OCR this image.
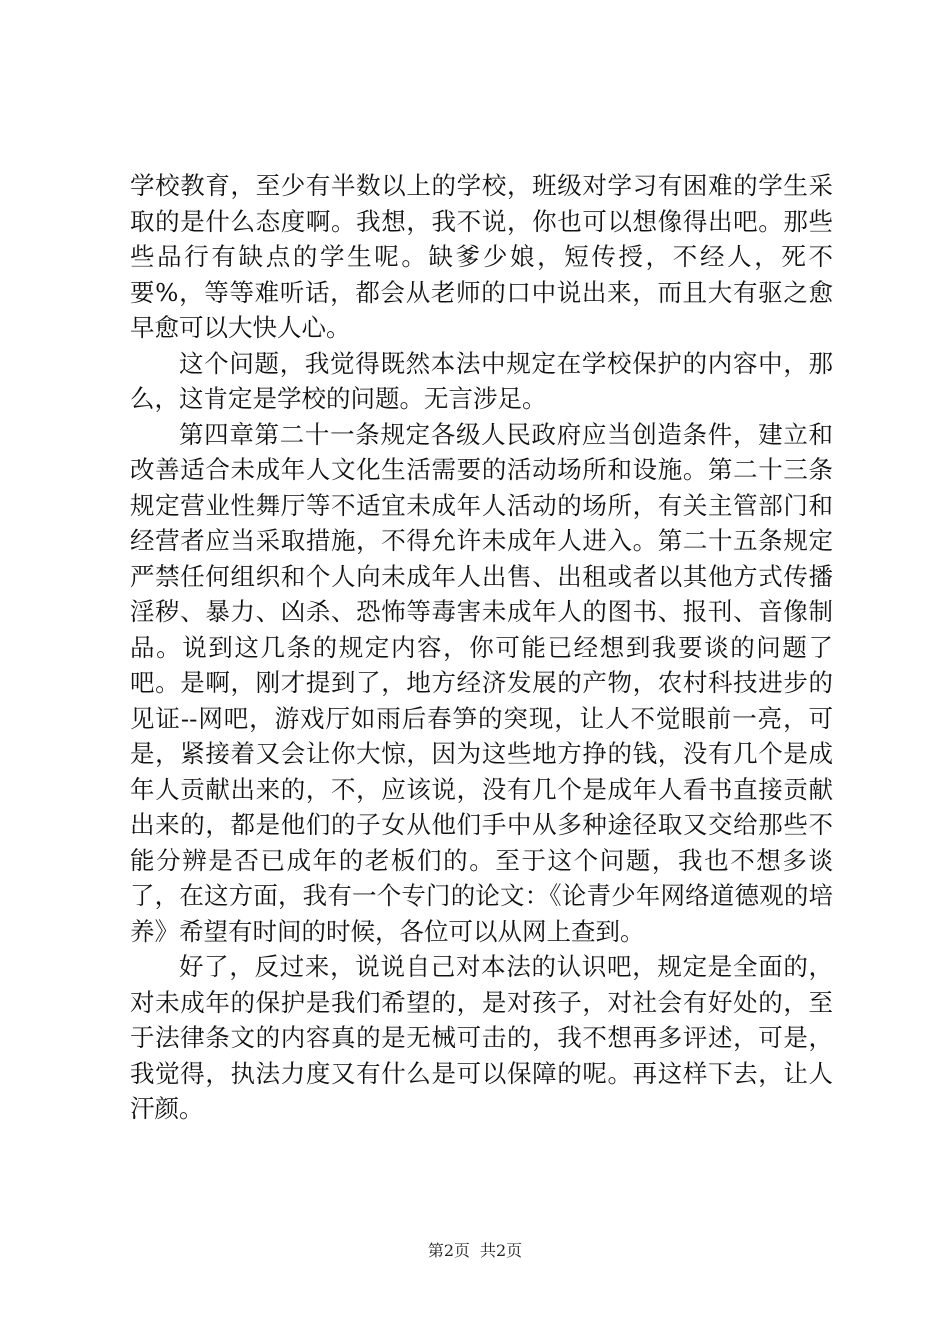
学校教育，至少有半数以上的学校，班级对学习有困难的学生采取的是什么态度啊。我想，我不说，你也可以想像得出吧。那些些品行有缺点的学生呢。缺爹少娘，短传授，不经人，死不要%，等等难听话，都会从老师的口中说出来，而且大有驱之愈早愈可以大快人心。

这个问题，我觉得既然本法中规定在学校保护的内容中，那么，这肯定是学校的问题。无言涉足。

第四章第二十一条规定各级人民政府应当创造条件，建立和改善适合未成年人文化生活需要的活动场所和设施。第二十三条规定营业性舞厅等不适宜未成年人活动的场所，有关主管部门和经营者应当采取措施，不得允许未成年人进入。第二十五条规定严禁任何组织和个人向未成年人出售、出租或者以其他方式传播淫秽、暴力、凶杀、恐怖等毒害未成年人的图书、报刊、音像制品。说到这几条的规定内容，你可能已经想到我要谈的问题了吧。是啊，刚才提到了，地方经济发展的产物，农村科技进步的见证--网吧，游戏厅如雨后春笋的突现，让人不觉眼前一亮，可是，紧接着又会让你大惊，因为这些地方挣的钱，没有几个是成年人贡献出来的，不，应该说，没有几个是成年人看书直接贡献出来的，都是他们的子女从他们手中从多种途径取又交给那些不能分辨是否已成年的老板们的。至于这个问题，我也不想多谈了，在这方面，我有一个专门的论文：《论青少年网络道德观的培养》希望有时间的时候，各位可以从网上查到。

好了，反过来，说说自己对本法的认识吧，规定是全面的，对未成年的保护是我们希望的，是对孩子，对社会有好处的，至于法律条文的内容真的是无械可击的，我不想再多评述，可是，我觉得，执法力度又有什么是可以保障的呢。再这样下去，让人汗颜。

第2页 共2页
